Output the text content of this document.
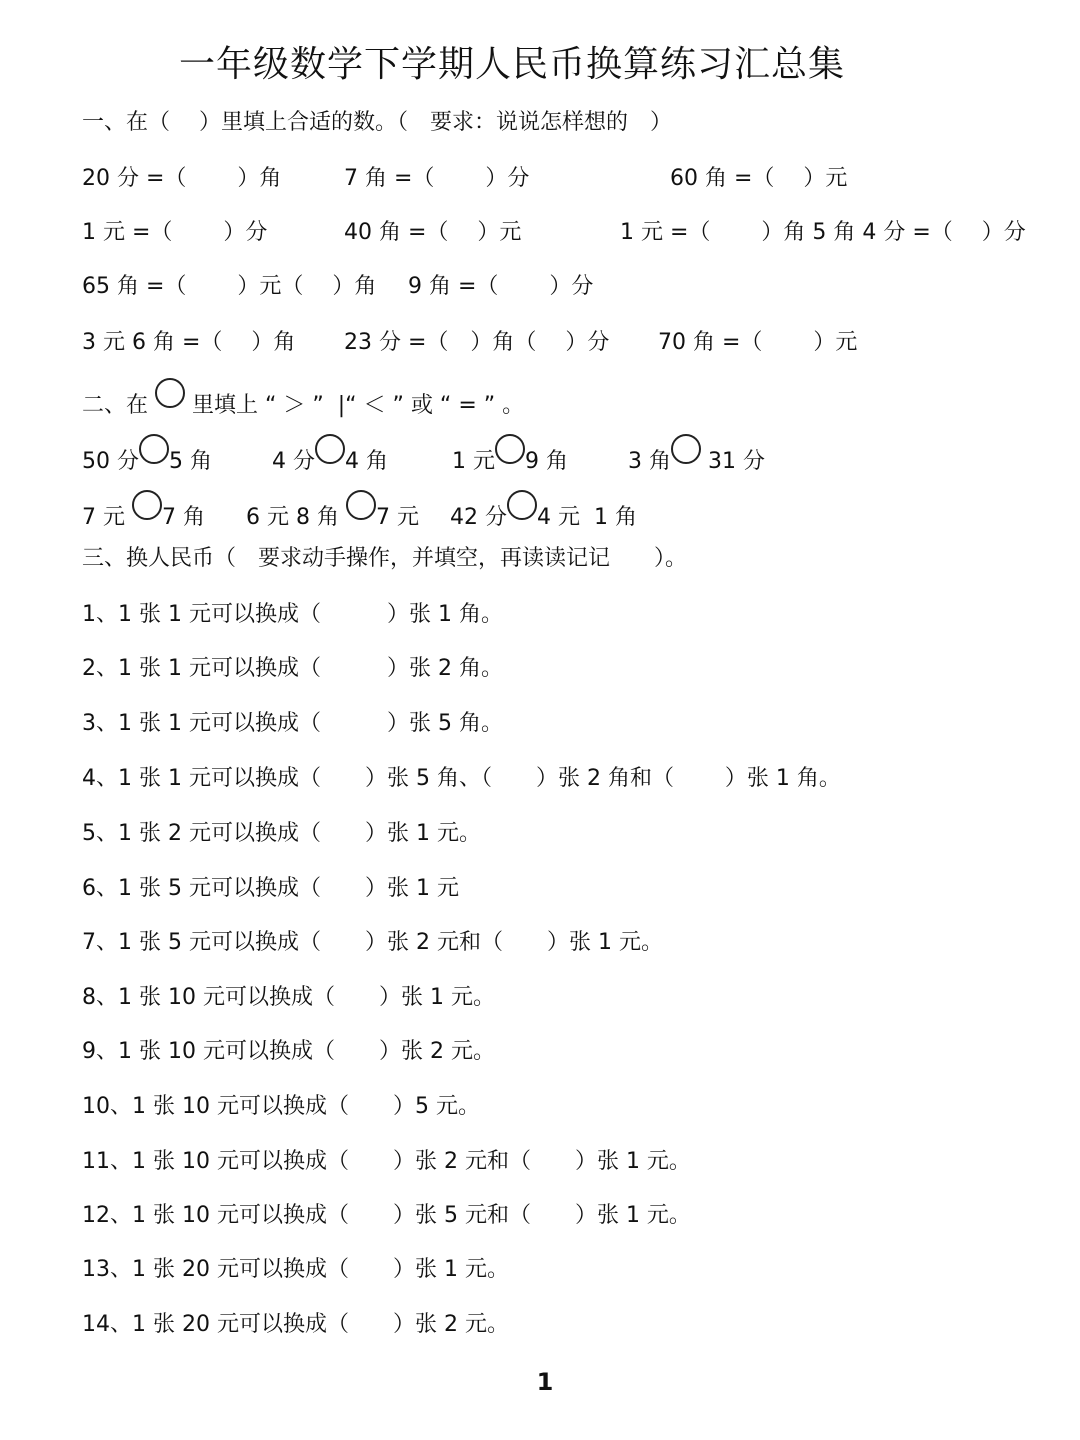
一年级数学下学期人民币换算练习汇总集
一、在（　 ）里填上合适的数。（　要求：说说怎样想的　）
20 分 =（　　 ）角	7 角 =（　　 ）分	60 角 =（　 ）元
1 元 =（　　 ）分	40 角 =（　 ）元	1 元 =（　　 ）角 5 角 4 分 =（　 ）分
65 角 =（　　 ）元（　 ）角 9 角 =（　　 ）分
3 元 6 角 =（　 ）角 23 分 =（　）角（　 ）分 70 角 =（　　 ）元
二、在  里填上 “ ＞ ”  |“ ＜ ” 或 “ = ” 。
50 分 5 角	4 分 4 角	1 元 9 角	3 角 31 分
7 元 7 角 6 元 8 角 7 元 42 分 4 元  1 角
三、换人民币（　要求动手操作，并填空，再读读记记　　）。
1、1 张 1 元可以换成（　　　）张 1 角。
2、1 张 1 元可以换成（　　　）张 2 角。
3、1 张 1 元可以换成（　　　）张 5 角。
4、1 张 1 元可以换成（　　）张 5 角、（　　）张 2 角和（　　 ）张 1 角。
5、1 张 2 元可以换成（　　）张 1 元。
6、1 张 5 元可以换成（　　）张 1 元
7、1 张 5 元可以换成（　　）张 2 元和（　　）张 1 元。
8、1 张 10 元可以换成（　　）张 1 元。
9、1 张 10 元可以换成（　　）张 2 元。
10、1 张 10 元可以换成（　　）5 元。
11、1 张 10 元可以换成（　　）张 2 元和（　　）张 1 元。
12、1 张 10 元可以换成（　　）张 5 元和（　　）张 1 元。
13、1 张 20 元可以换成（　　）张 1 元。
14、1 张 20 元可以换成（　　）张 2 元。
1
